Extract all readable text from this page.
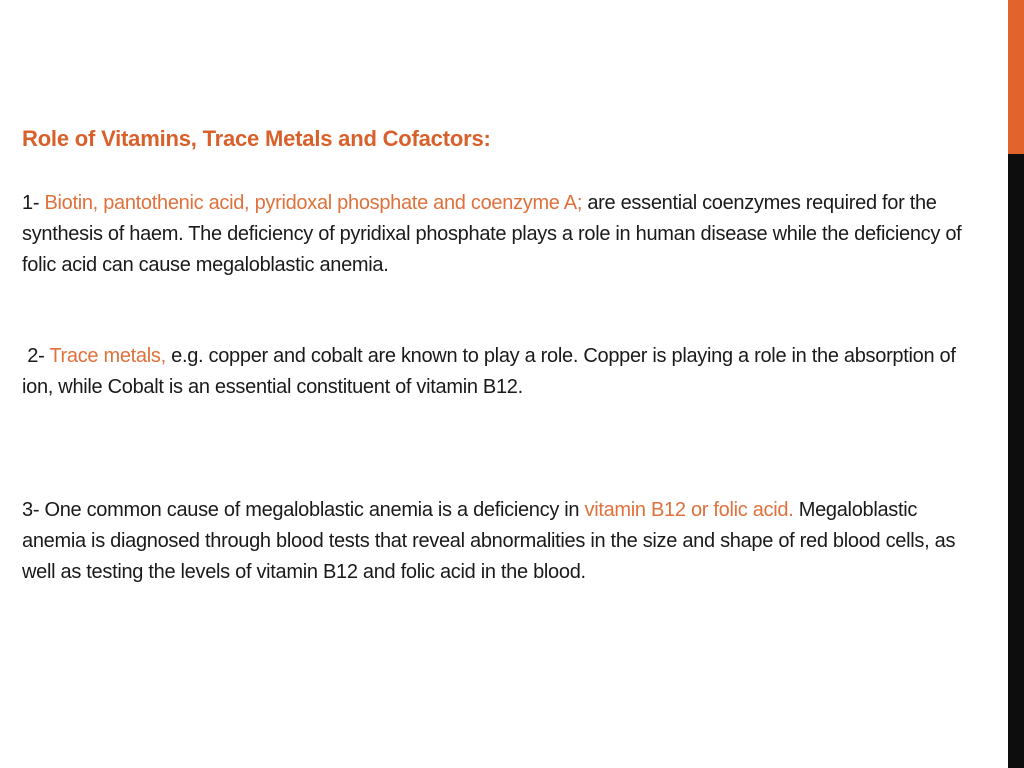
Role of Vitamins, Trace Metals and Cofactors:
1- Biotin, pantothenic acid, pyridoxal phosphate and coenzyme A; are essential coenzymes required for the synthesis of haem. The deficiency of pyridixal phosphate plays a role in human disease while the deficiency of folic acid can cause megaloblastic anemia.
2- Trace metals, e.g. copper and cobalt are known to play a role. Copper is playing a role in the absorption of ion, while Cobalt is an essential constituent of vitamin B12.
3- One common cause of megaloblastic anemia is a deficiency in vitamin B12 or folic acid. Megaloblastic anemia is diagnosed through blood tests that reveal abnormalities in the size and shape of red blood cells, as well as testing the levels of vitamin B12 and folic acid in the blood.
